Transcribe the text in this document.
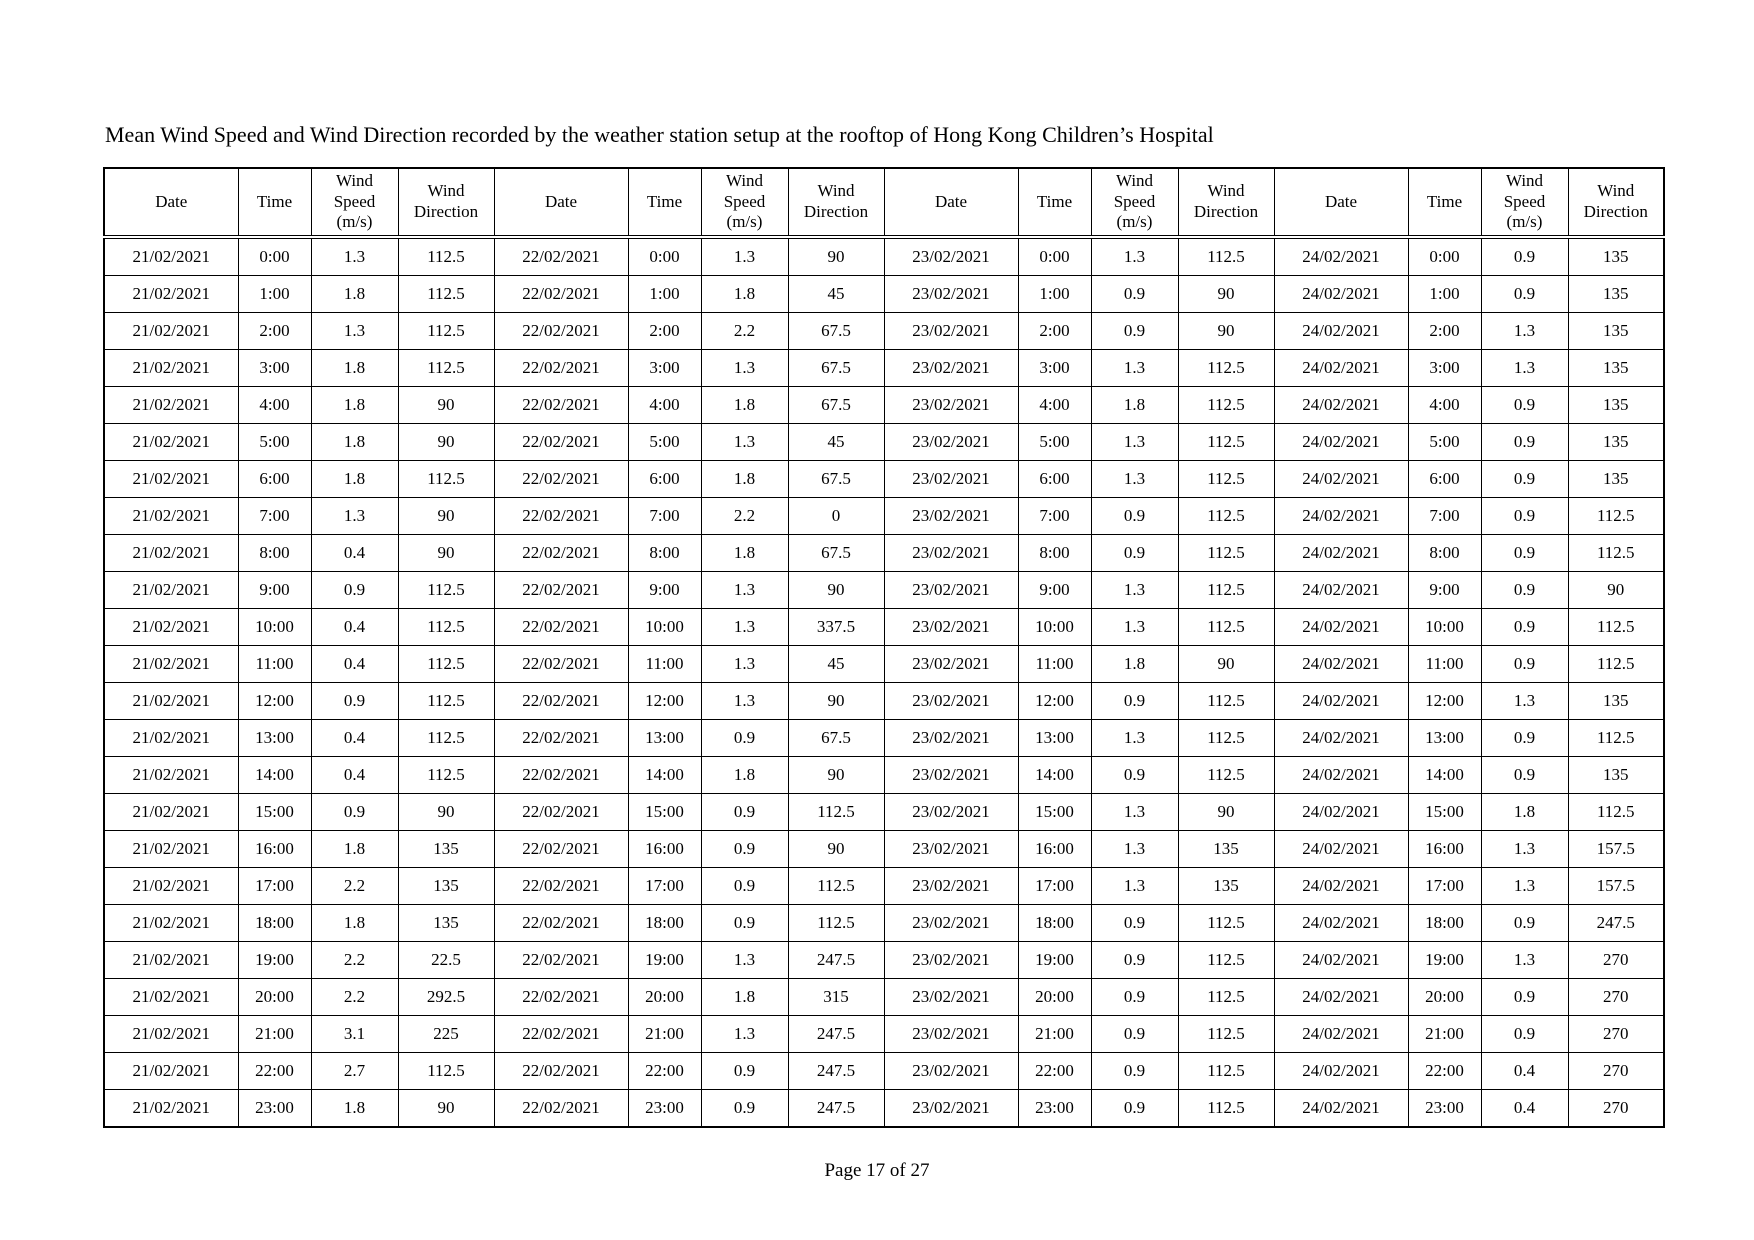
Mean Wind Speed and Wind Direction recorded by the weather station setup at the rooftop of Hong Kong Children’s Hospital
Date	Time	Wind Speed (m/s)	Wind Direction	Date	Time	Wind Speed (m/s)	Wind Direction	Date	Time	Wind Speed (m/s)	Wind Direction	Date	Time	Wind Speed (m/s)	Wind Direction
21/02/2021	0:00	1.3	112.5	22/02/2021	0:00	1.3	90	23/02/2021	0:00	1.3	112.5	24/02/2021	0:00	0.9	135
21/02/2021	1:00	1.8	112.5	22/02/2021	1:00	1.8	45	23/02/2021	1:00	0.9	90	24/02/2021	1:00	0.9	135
21/02/2021	2:00	1.3	112.5	22/02/2021	2:00	2.2	67.5	23/02/2021	2:00	0.9	90	24/02/2021	2:00	1.3	135
21/02/2021	3:00	1.8	112.5	22/02/2021	3:00	1.3	67.5	23/02/2021	3:00	1.3	112.5	24/02/2021	3:00	1.3	135
21/02/2021	4:00	1.8	90	22/02/2021	4:00	1.8	67.5	23/02/2021	4:00	1.8	112.5	24/02/2021	4:00	0.9	135
21/02/2021	5:00	1.8	90	22/02/2021	5:00	1.3	45	23/02/2021	5:00	1.3	112.5	24/02/2021	5:00	0.9	135
21/02/2021	6:00	1.8	112.5	22/02/2021	6:00	1.8	67.5	23/02/2021	6:00	1.3	112.5	24/02/2021	6:00	0.9	135
21/02/2021	7:00	1.3	90	22/02/2021	7:00	2.2	0	23/02/2021	7:00	0.9	112.5	24/02/2021	7:00	0.9	112.5
21/02/2021	8:00	0.4	90	22/02/2021	8:00	1.8	67.5	23/02/2021	8:00	0.9	112.5	24/02/2021	8:00	0.9	112.5
21/02/2021	9:00	0.9	112.5	22/02/2021	9:00	1.3	90	23/02/2021	9:00	1.3	112.5	24/02/2021	9:00	0.9	90
21/02/2021	10:00	0.4	112.5	22/02/2021	10:00	1.3	337.5	23/02/2021	10:00	1.3	112.5	24/02/2021	10:00	0.9	112.5
21/02/2021	11:00	0.4	112.5	22/02/2021	11:00	1.3	45	23/02/2021	11:00	1.8	90	24/02/2021	11:00	0.9	112.5
21/02/2021	12:00	0.9	112.5	22/02/2021	12:00	1.3	90	23/02/2021	12:00	0.9	112.5	24/02/2021	12:00	1.3	135
21/02/2021	13:00	0.4	112.5	22/02/2021	13:00	0.9	67.5	23/02/2021	13:00	1.3	112.5	24/02/2021	13:00	0.9	112.5
21/02/2021	14:00	0.4	112.5	22/02/2021	14:00	1.8	90	23/02/2021	14:00	0.9	112.5	24/02/2021	14:00	0.9	135
21/02/2021	15:00	0.9	90	22/02/2021	15:00	0.9	112.5	23/02/2021	15:00	1.3	90	24/02/2021	15:00	1.8	112.5
21/02/2021	16:00	1.8	135	22/02/2021	16:00	0.9	90	23/02/2021	16:00	1.3	135	24/02/2021	16:00	1.3	157.5
21/02/2021	17:00	2.2	135	22/02/2021	17:00	0.9	112.5	23/02/2021	17:00	1.3	135	24/02/2021	17:00	1.3	157.5
21/02/2021	18:00	1.8	135	22/02/2021	18:00	0.9	112.5	23/02/2021	18:00	0.9	112.5	24/02/2021	18:00	0.9	247.5
21/02/2021	19:00	2.2	22.5	22/02/2021	19:00	1.3	247.5	23/02/2021	19:00	0.9	112.5	24/02/2021	19:00	1.3	270
21/02/2021	20:00	2.2	292.5	22/02/2021	20:00	1.8	315	23/02/2021	20:00	0.9	112.5	24/02/2021	20:00	0.9	270
21/02/2021	21:00	3.1	225	22/02/2021	21:00	1.3	247.5	23/02/2021	21:00	0.9	112.5	24/02/2021	21:00	0.9	270
21/02/2021	22:00	2.7	112.5	22/02/2021	22:00	0.9	247.5	23/02/2021	22:00	0.9	112.5	24/02/2021	22:00	0.4	270
21/02/2021	23:00	1.8	90	22/02/2021	23:00	0.9	247.5	23/02/2021	23:00	0.9	112.5	24/02/2021	23:00	0.4	270
Page 17 of 27
